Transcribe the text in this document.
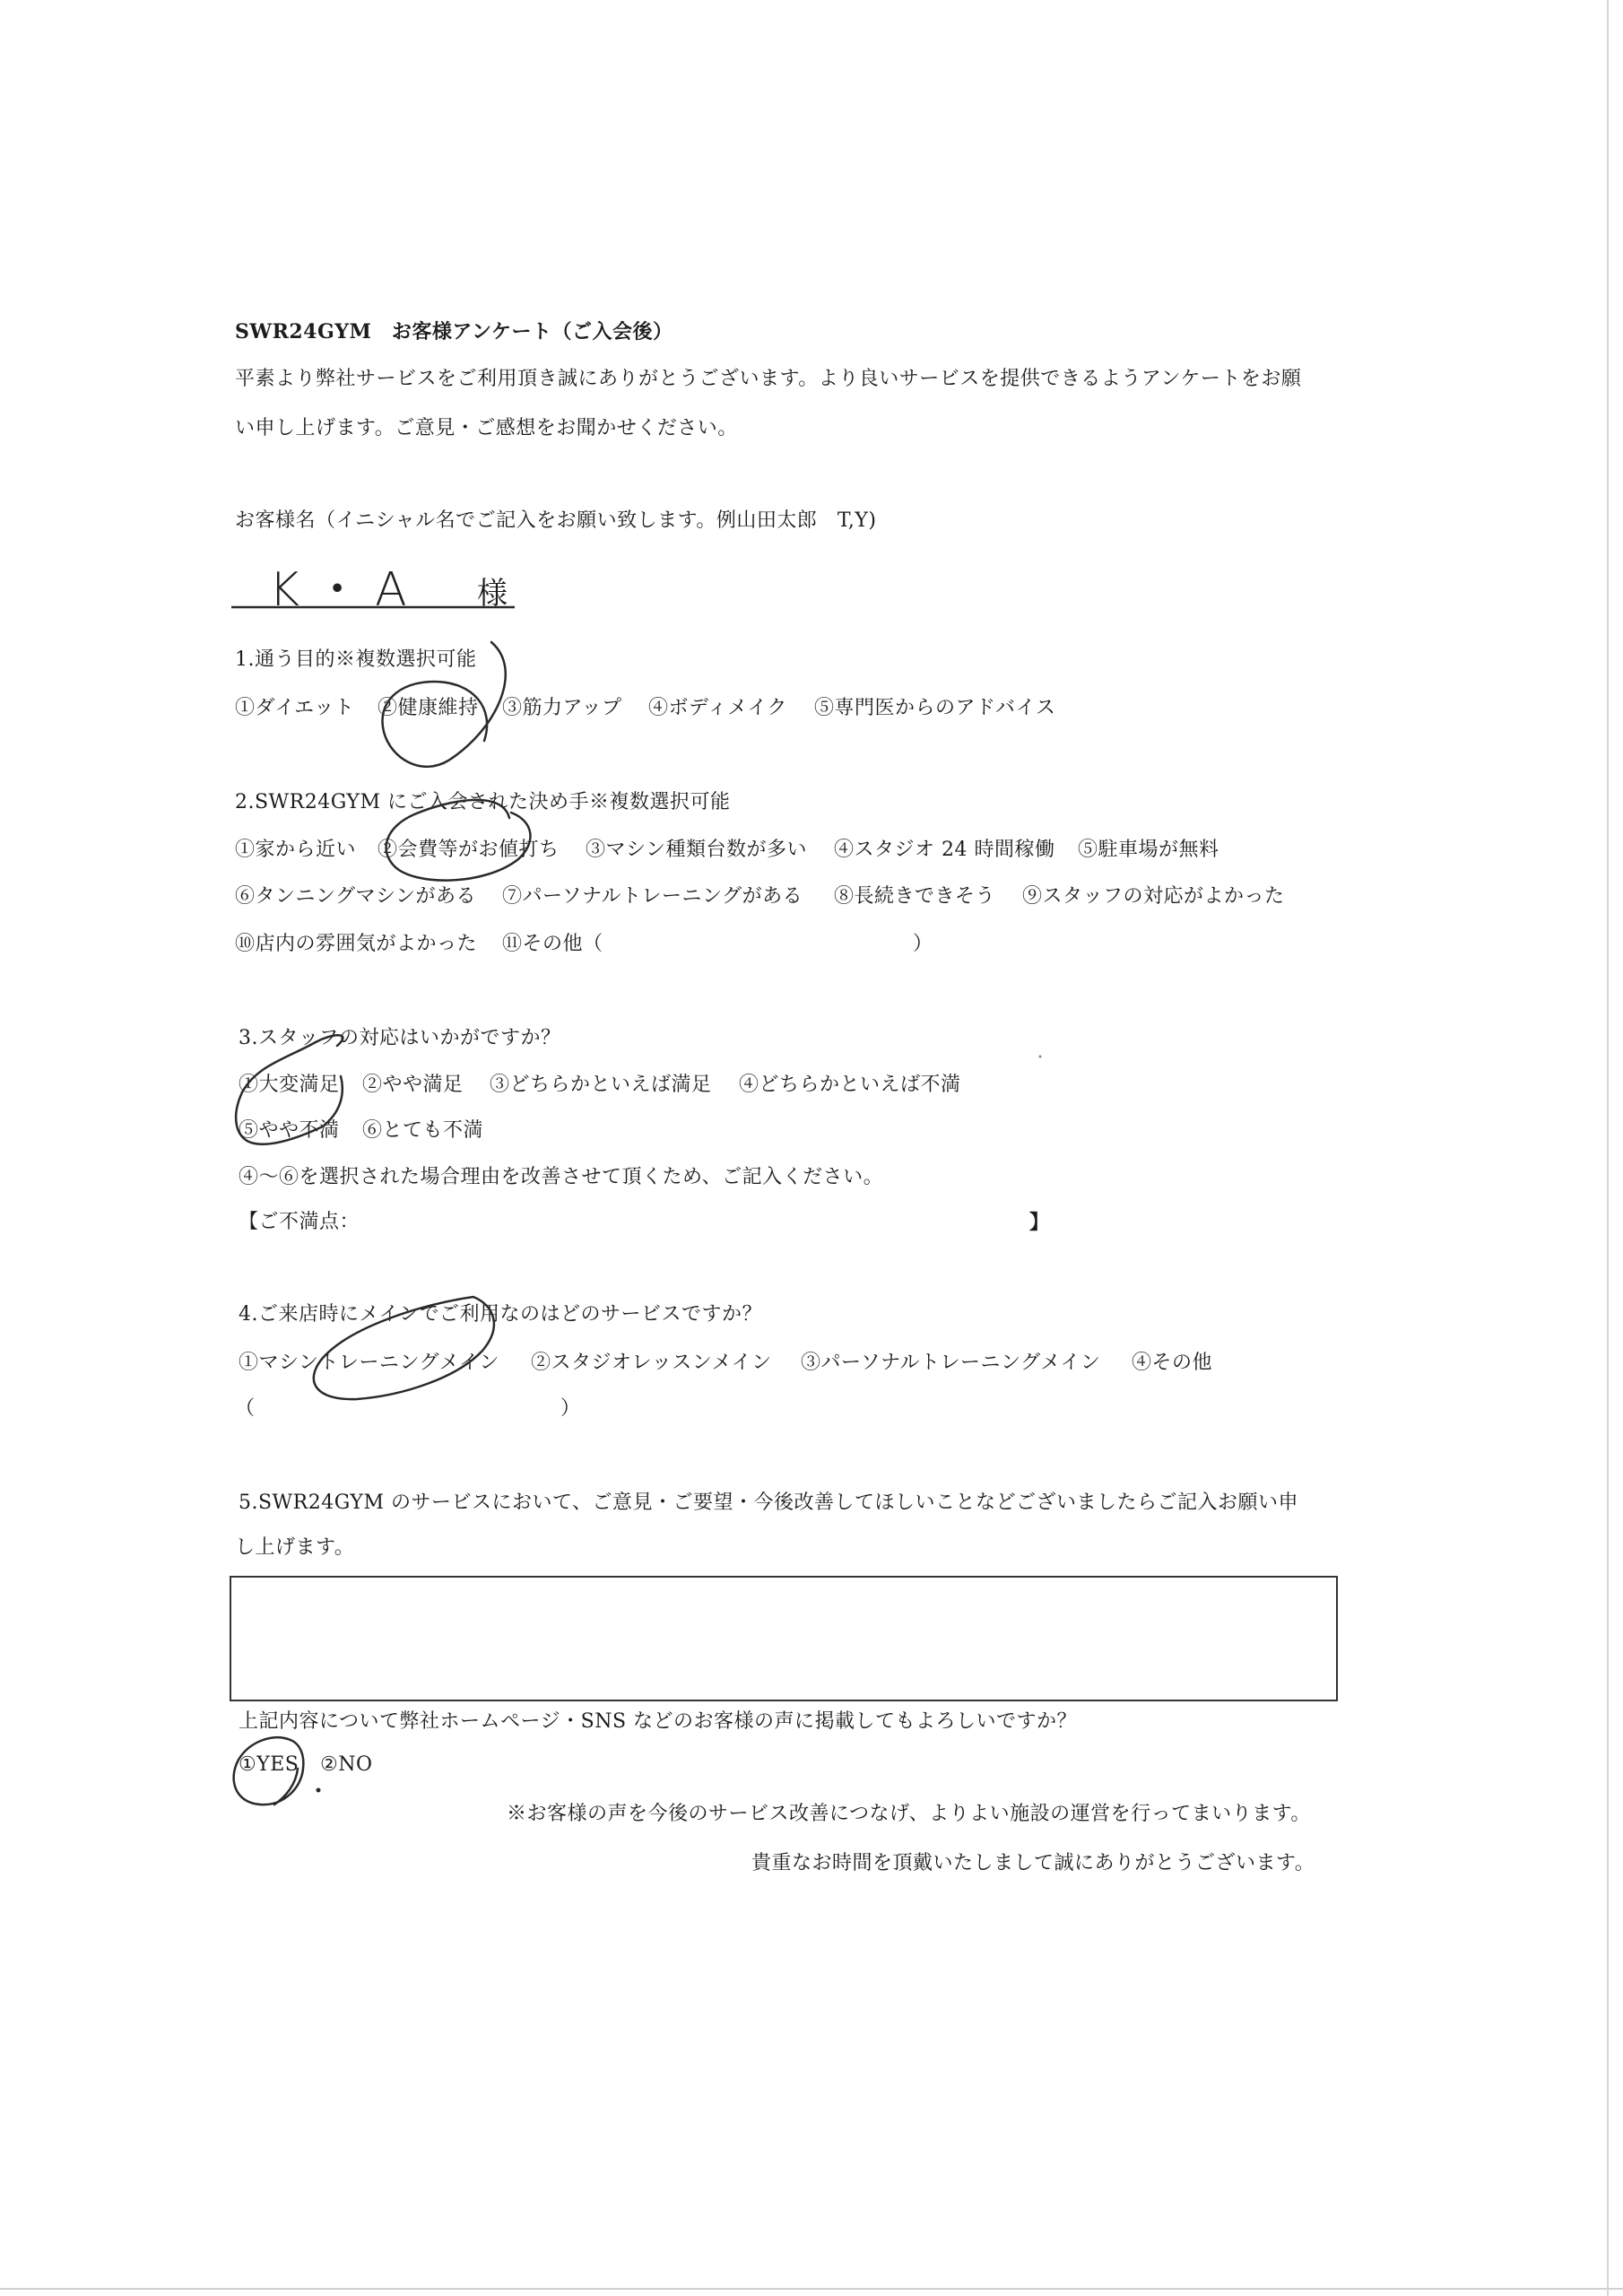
SWR24GYM　お客様アンケート（ご入会後）
平素より弊社サービスをご利用頂き誠にありがとうございます。より良いサービスを提供できるようアンケートをお願
い申し上げます。ご意見・ご感想をお聞かせください。
お客様名（イニシャル名でご記入をお願い致します。例山田太郎　T,Y)
K・A 様
1.通う目的※複数選択可能
①ダイエット ②健康維持 ③筋力アップ ④ボディメイク ⑤専門医からのアドバイス
2.SWR24GYM にご入会された決め手※複数選択可能
①家から近い ②会費等がお値打ち ③マシン種類台数が多い ④スタジオ 24 時間稼働 ⑤駐車場が無料
⑥タンニングマシンがある ⑦パーソナルトレーニングがある ⑧長続きできそう ⑨スタッフの対応がよかった
⑩店内の雰囲気がよかった ⑪その他（	）
3.スタッフの対応はいかがですか？
①大変満足 ②やや満足 ③どちらかといえば満足 ④どちらかといえば不満
⑤やや不満 ⑥とても不満
④～⑥を選択された場合理由を改善させて頂くため、ご記入ください。
【ご不満点：	】
4.ご来店時にメインでご利用なのはどのサービスですか？
①マシントレーニングメイン ②スタジオレッスンメイン ③パーソナルトレーニングメイン ④その他
（	）
5.SWR24GYM のサービスにおいて、ご意見・ご要望・今後改善してほしいことなどございましたらご記入お願い申
し上げます。
上記内容について弊社ホームページ・SNS などのお客様の声に掲載してもよろしいですか？
①YES ②NO
※お客様の声を今後のサービス改善につなげ、よりよい施設の運営を行ってまいります。
貴重なお時間を頂戴いたしまして誠にありがとうございます。
